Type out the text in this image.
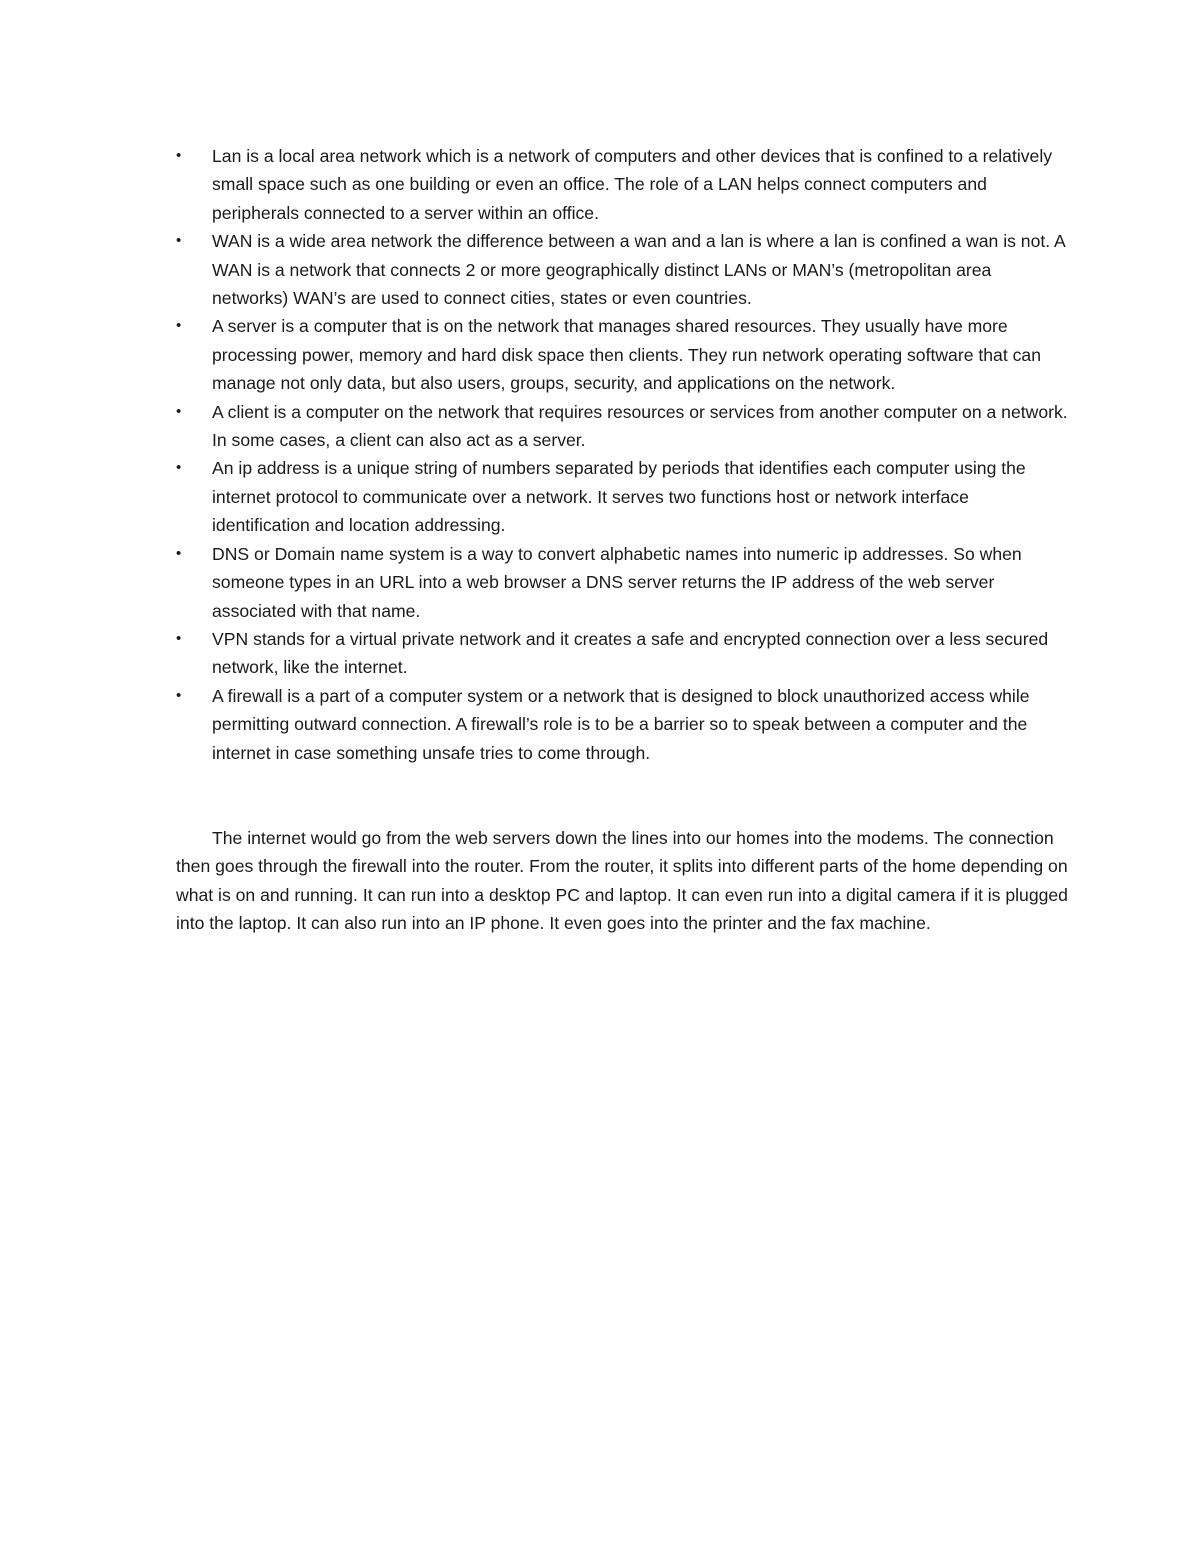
•	Lan is a local area network which is a network of computers and other devices that is confined to a relatively small space such as one building or even an office. The role of a LAN helps connect computers and peripherals connected to a server within an office.
•	WAN is a wide area network the difference between a wan and a lan is where a lan is confined a wan is not. A WAN is a network that connects 2 or more geographically distinct LANs or MAN’s (metropolitan area networks) WAN’s are used to connect cities, states or even countries.
•	A server is a computer that is on the network that manages shared resources. They usually have more processing power, memory and hard disk space then clients. They run network operating software that can manage not only data, but also users, groups, security, and applications on the network.
•	A client is a computer on the network that requires resources or services from another computer on a network. In some cases, a client can also act as a server.
•	An ip address is a unique string of numbers separated by periods that identifies each computer using the internet protocol to communicate over a network. It serves two functions host or network interface identification and location addressing.
•	DNS or Domain name system is a way to convert alphabetic names into numeric ip addresses. So when someone types in an URL into a web browser a DNS server returns the IP address of the web server associated with that name.
•	VPN stands for a virtual private network and it creates a safe and encrypted connection over a less secured network, like the internet.
•	A firewall is a part of a computer system or a network that is designed to block unauthorized access while permitting outward connection. A firewall’s role is to be a barrier so to speak between a computer and the internet in case something unsafe tries to come through.

The internet would go from the web servers down the lines into our homes into the modems. The connection then goes through the firewall into the router. From the router, it splits into different parts of the home depending on what is on and running. It can run into a desktop PC and laptop. It can even run into a digital camera if it is plugged into the laptop. It can also run into an IP phone. It even goes into the printer and the fax machine.
